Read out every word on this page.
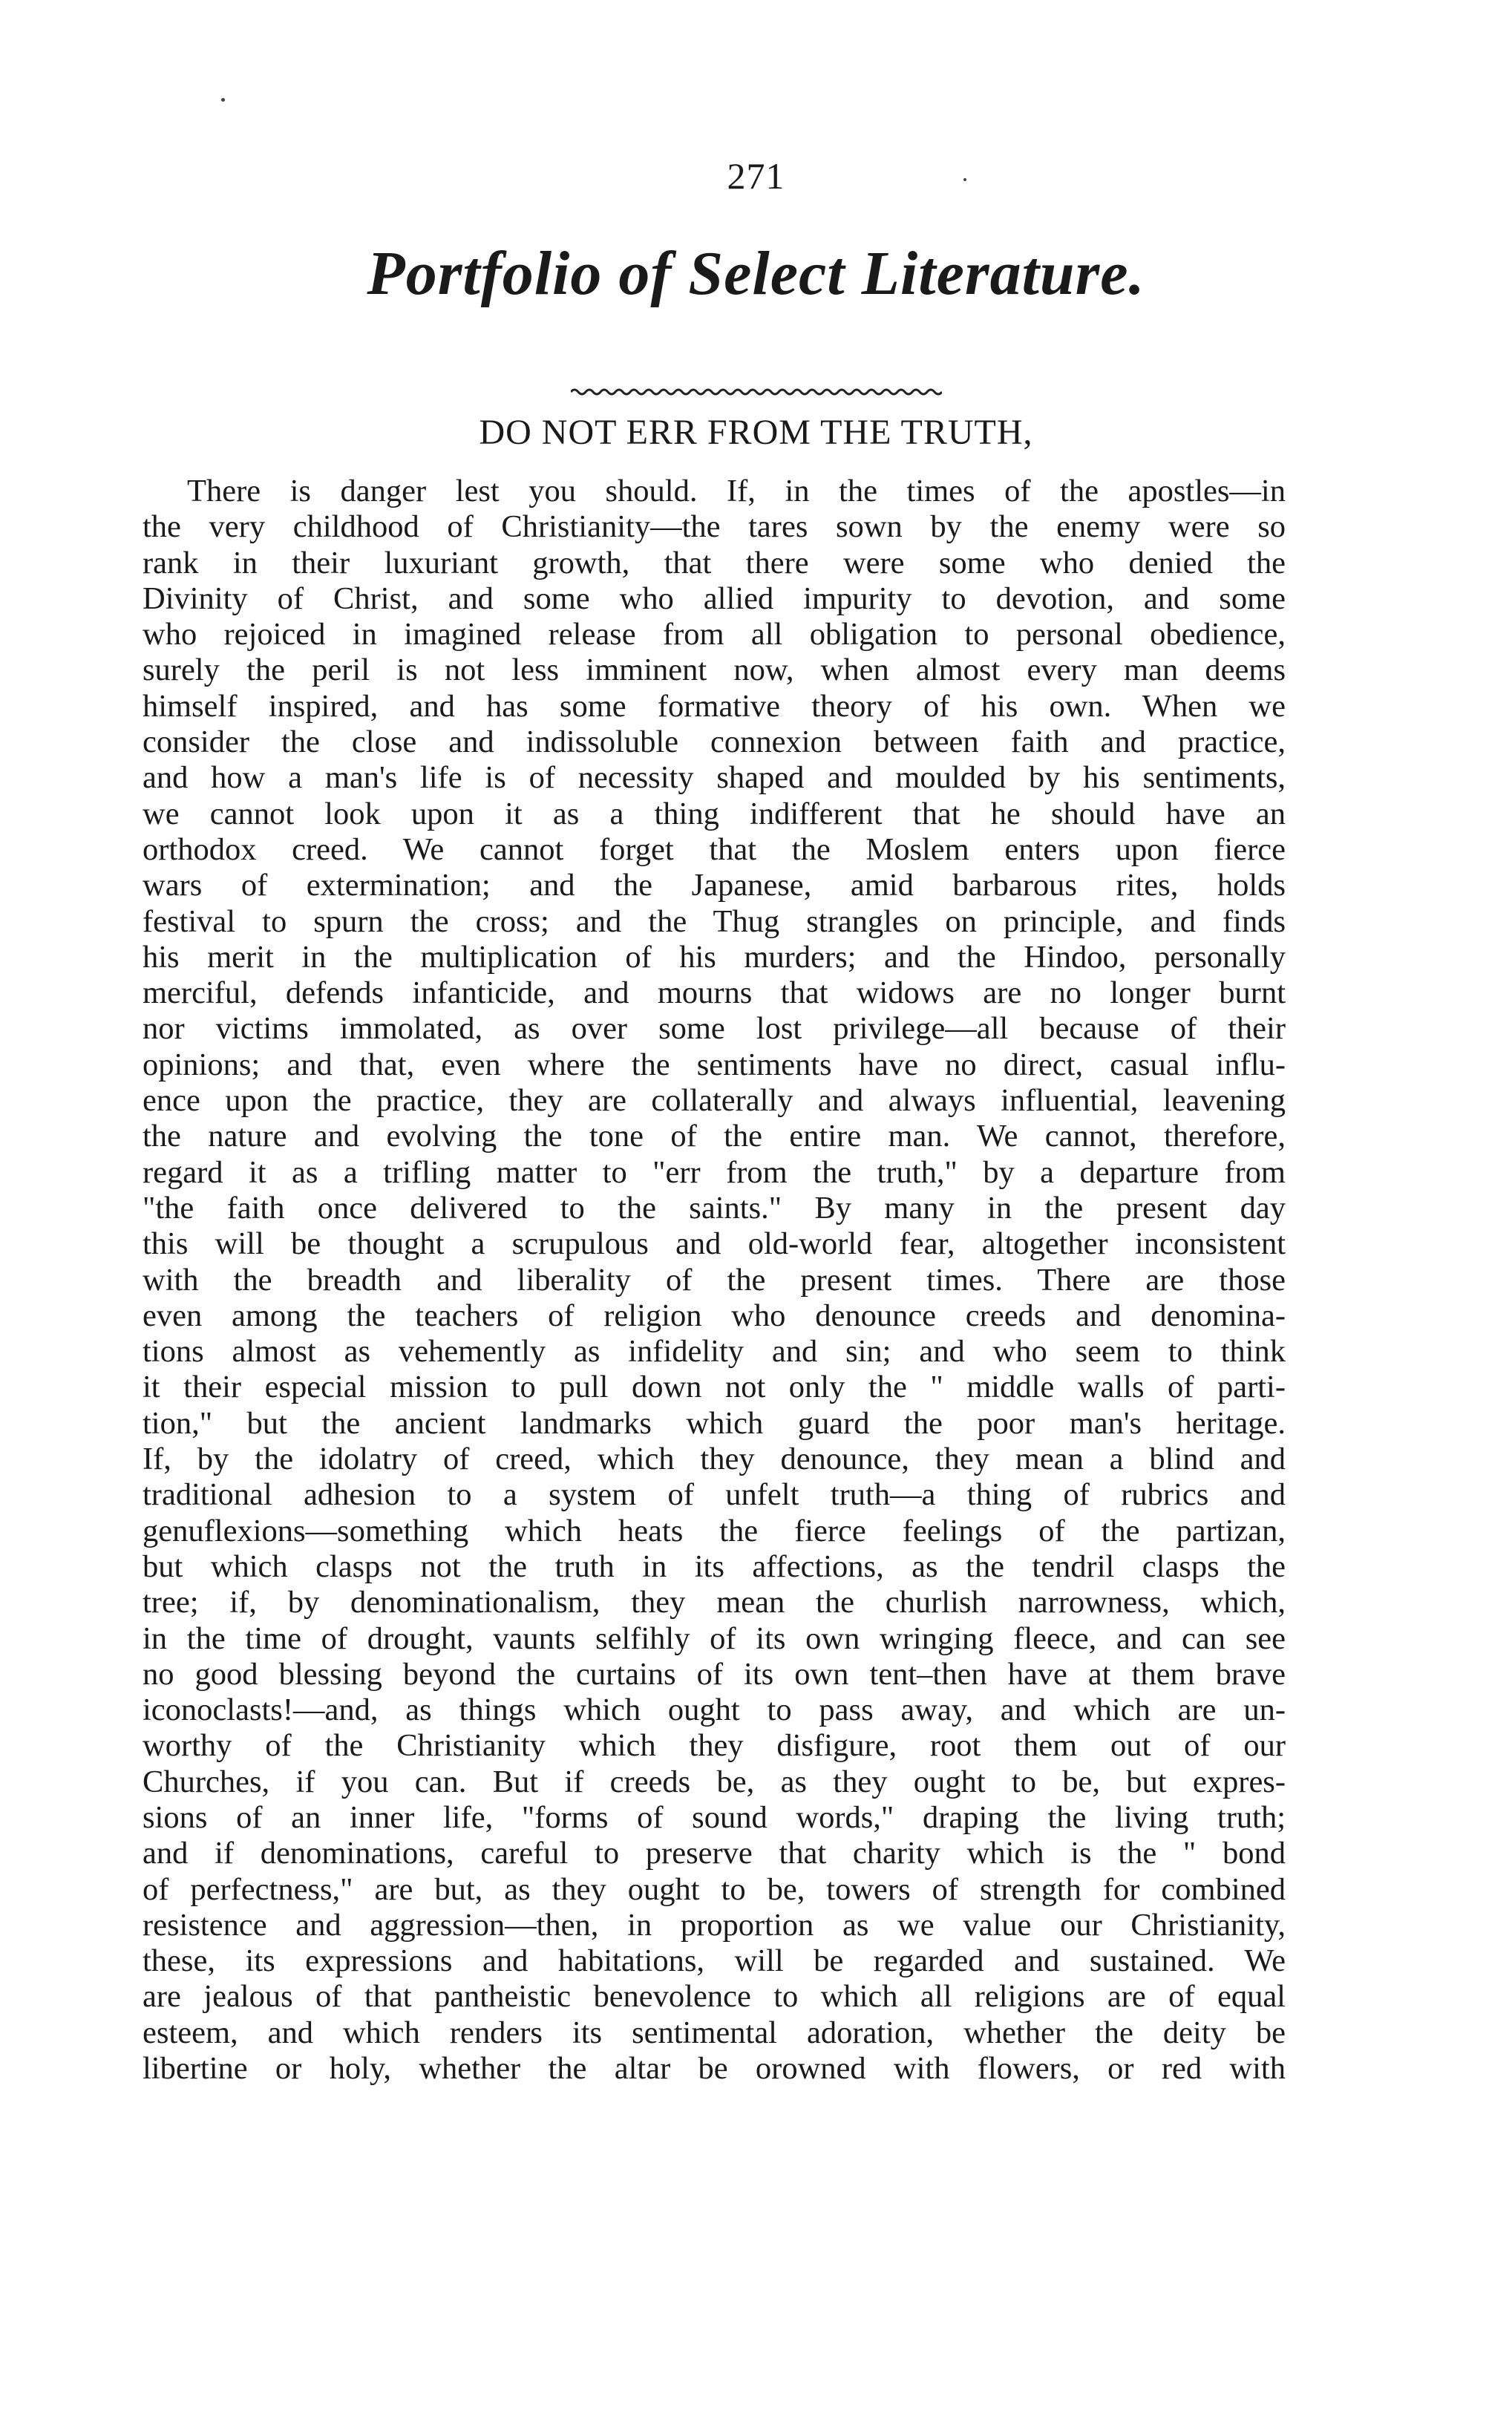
271
Portfolio of Select Literature.
DO NOT ERR FROM THE TRUTH,
There is danger lest you should. If, in the times of the apostles—in
the very childhood of Christianity—the tares sown by the enemy were so
rank in their luxuriant growth, that there were some who denied the
Divinity of Christ, and some who allied impurity to devotion, and some
who rejoiced in imagined release from all obligation to personal obedience,
surely the peril is not less imminent now, when almost every man deems
himself inspired, and has some formative theory of his own. When we
consider the close and indissoluble connexion between faith and practice,
and how a man's life is of necessity shaped and moulded by his sentiments,
we cannot look upon it as a thing indifferent that he should have an
orthodox creed. We cannot forget that the Moslem enters upon fierce
wars of extermination; and the Japanese, amid barbarous rites, holds
festival to spurn the cross; and the Thug strangles on principle, and finds
his merit in the multiplication of his murders; and the Hindoo, personally
merciful, defends infanticide, and mourns that widows are no longer burnt
nor victims immolated, as over some lost privilege—all because of their
opinions; and that, even where the sentiments have no direct, casual influ-
ence upon the practice, they are collaterally and always influential, leavening
the nature and evolving the tone of the entire man. We cannot, therefore,
regard it as a trifling matter to "err from the truth," by a departure from
"the faith once delivered to the saints." By many in the present day
this will be thought a scrupulous and old-world fear, altogether inconsistent
with the breadth and liberality of the present times. There are those
even among the teachers of religion who denounce creeds and denomina-
tions almost as vehemently as infidelity and sin; and who seem to think
it their especial mission to pull down not only the " middle walls of parti-
tion," but the ancient landmarks which guard the poor man's heritage.
If, by the idolatry of creed, which they denounce, they mean a blind and
traditional adhesion to a system of unfelt truth—a thing of rubrics and
genuflexions—something which heats the fierce feelings of the partizan,
but which clasps not the truth in its affections, as the tendril clasps the
tree; if, by denominationalism, they mean the churlish narrowness, which,
in the time of drought, vaunts selfihly of its own wringing fleece, and can see
no good blessing beyond the curtains of its own tent–then have at them brave
iconoclasts!—and, as things which ought to pass away, and which are un-
worthy of the Christianity which they disfigure, root them out of our
Churches, if you can. But if creeds be, as they ought to be, but expres-
sions of an inner life, "forms of sound words," draping the living truth;
and if denominations, careful to preserve that charity which is the " bond
of perfectness," are but, as they ought to be, towers of strength for combined
resistence and aggression—then, in proportion as we value our Christianity,
these, its expressions and habitations, will be regarded and sustained. We
are jealous of that pantheistic benevolence to which all religions are of equal
esteem, and which renders its sentimental adoration, whether the deity be
libertine or holy, whether the altar be orowned with flowers, or red with
